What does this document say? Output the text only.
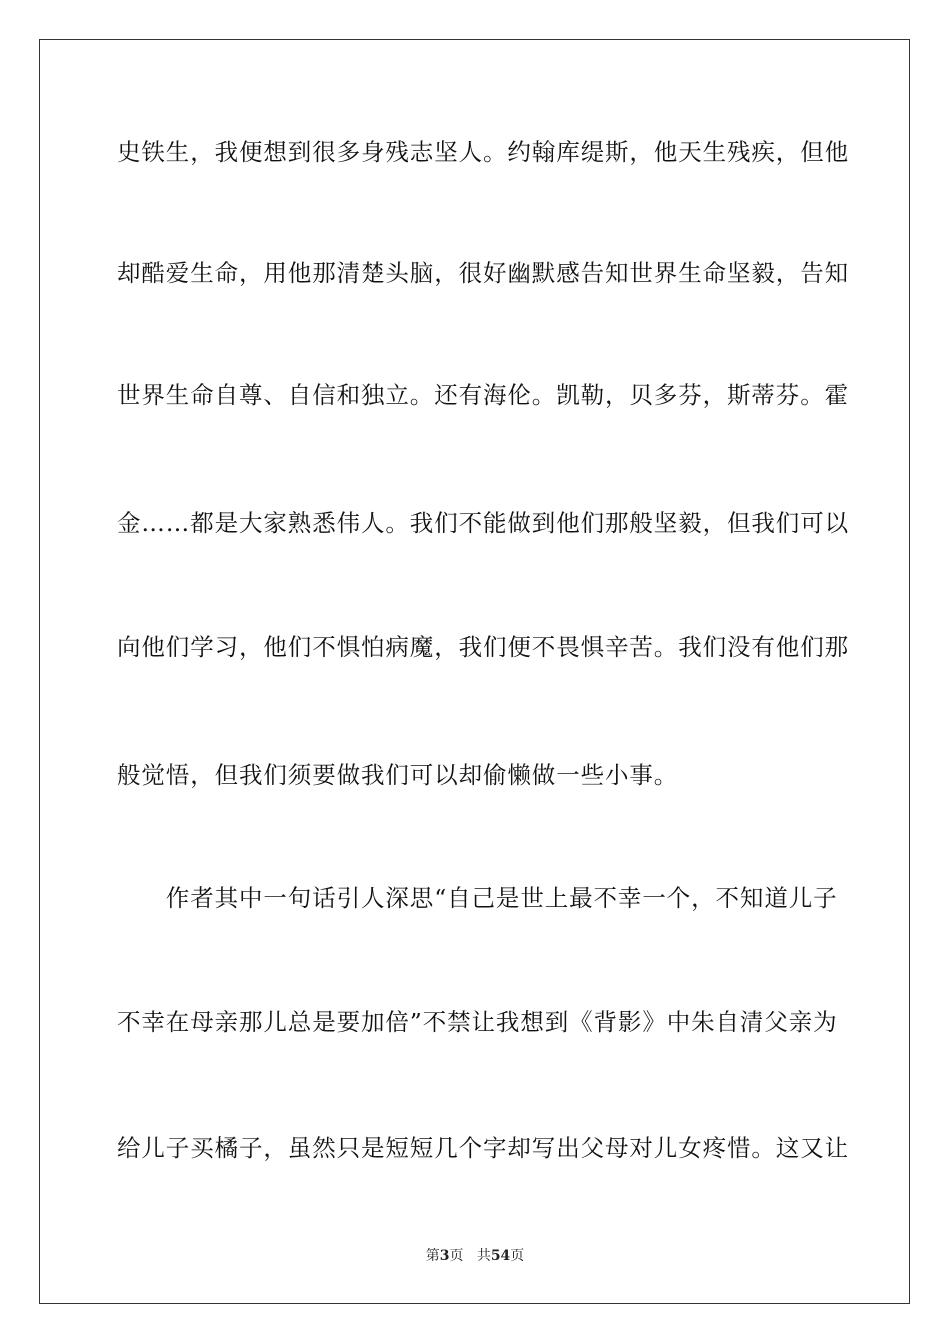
史铁生，我便想到很多身残志坚人。约翰库缇斯，他天生残疾，但他
却酷爱生命，用他那清楚头脑，很好幽默感告知世界生命坚毅，告知
世界生命自尊、自信和独立。还有海伦。凯勒，贝多芬，斯蒂芬。霍
金……都是大家熟悉伟人。我们不能做到他们那般坚毅，但我们可以
向他们学习，他们不惧怕病魔，我们便不畏惧辛苦。我们没有他们那
般觉悟，但我们须要做我们可以却偷懒做一些小事。
　　作者其中一句话引人深思“自己是世上最不幸一个，不知道儿子
不幸在母亲那儿总是要加倍”不禁让我想到《背影》中朱自清父亲为
给儿子买橘子，虽然只是短短几个字却写出父母对儿女疼惜。这又让
第3页 共54页
